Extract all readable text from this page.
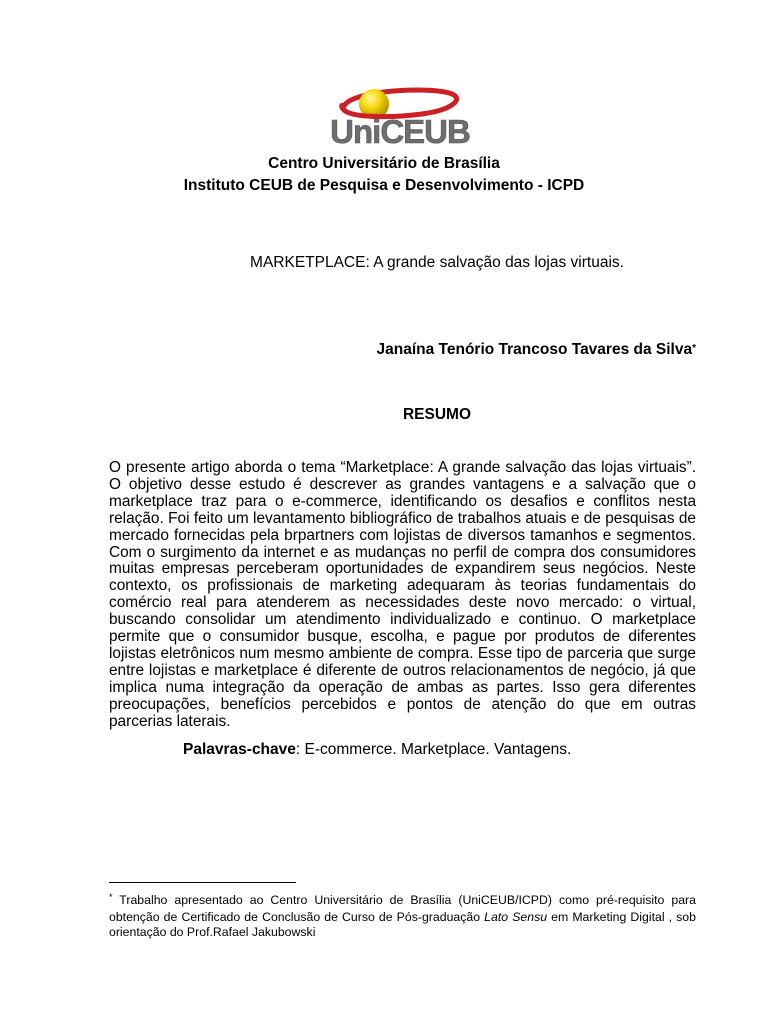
UniCEUB

Centro Universitário de Brasília

Instituto CEUB de Pesquisa e Desenvolvimento - ICPD

MARKETPLACE: A grande salvação das lojas virtuais.

Janaína Tenório Trancoso Tavares da Silva*

RESUMO

O presente artigo aborda o tema “Marketplace: A grande salvação das lojas virtuais”. O objetivo desse estudo é descrever as grandes vantagens e a salvação que o marketplace traz para o e-commerce, identificando os desafios e conflitos nesta relação. Foi feito um levantamento bibliográfico de trabalhos atuais e de pesquisas de mercado fornecidas pela brpartners com lojistas de diversos tamanhos e segmentos. Com o surgimento da internet e as mudanças no perfil de compra dos consumidores muitas empresas perceberam oportunidades de expandirem seus negócios. Neste contexto, os profissionais de marketing adequaram às teorias fundamentais do comércio real para atenderem as necessidades deste novo mercado: o virtual, buscando consolidar um atendimento individualizado e continuo. O marketplace permite que o consumidor busque, escolha, e pague por produtos de diferentes lojistas eletrônicos num mesmo ambiente de compra. Esse tipo de parceria que surge entre lojistas e marketplace é diferente de outros relacionamentos de negócio, já que implica numa integração da operação de ambas as partes. Isso gera diferentes preocupações, benefícios percebidos e pontos de atenção do que em outras parcerias laterais.

Palavras-chave: E-commerce. Marketplace. Vantagens.

* Trabalho apresentado ao Centro Universitário de Brasília (UniCEUB/ICPD) como pré-requisito para obtenção de Certificado de Conclusão de Curso de Pós-graduação Lato Sensu em Marketing Digital , sob orientação do Prof.Rafael Jakubowski
